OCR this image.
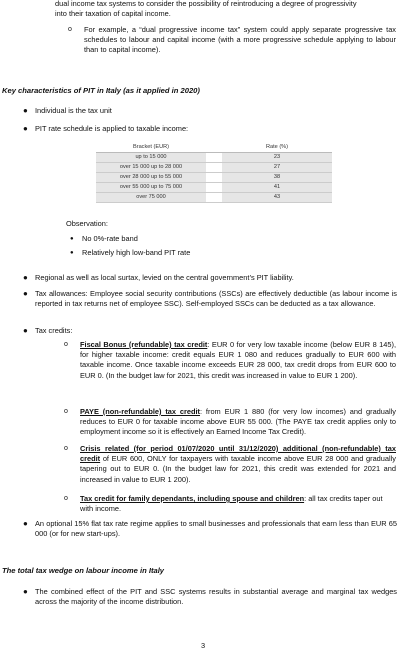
dual income tax systems to consider the possibility of reintroducing a degree of progressivity
into their taxation of capital income.
o For example, a “dual progressive income tax” system could apply separate progressive tax schedules to labour and capital income (with a more progressive schedule applying to labour than to capital income).
Key characteristics of PIT in Italy (as it applied in 2020)
● Individual is the tax unit
● PIT rate schedule is applied to taxable income:
Bracket (EUR)		Rate (%)
up to 15 000		23
over 15 000 up to 28 000		27
over 28 000 up to 55 000		38
over 55 000 up to 75 000		41
over 75 000		43
Observation:
● No 0%-rate band
● Relatively high low-band PIT rate
● Regional as well as local surtax, levied on the central government’s PIT liability.
● Tax allowances: Employee social security contributions (SSCs) are effectively deductible (as labour income is reported in tax returns net of employee SSC). Self-employed SSCs can be deducted as a tax allowance.
● Tax credits:
o Fiscal Bonus (refundable) tax credit: EUR 0 for very low taxable income (below EUR 8 145), for higher taxable income: credit equals EUR 1 080 and reduces gradually to EUR 600 with taxable income. Once taxable income exceeds EUR 28 000, tax credit drops from EUR 600 to EUR 0. (In the budget law for 2021, this credit was increased in value to EUR 1 200).
o PAYE (non-refundable) tax credit: from EUR 1 880 (for very low incomes) and gradually reduces to EUR 0 for taxable income above EUR 55 000. (The PAYE tax credit applies only to employment income so it is effectively an Earned Income Tax Credit).
o Crisis related (for period 01/07/2020 until 31/12/2020) additional (non-refundable) tax credit of EUR 600, ONLY for taxpayers with taxable income above EUR 28 000 and gradually tapering out to EUR 0. (In the budget law for 2021, this credit was extended for 2021 and increased in value to EUR 1 200).
o Tax credit for family dependants, including spouse and children: all tax credits taper out with income.
● An optional 15% flat tax rate regime applies to small businesses and professionals that earn less than EUR 65 000 (or for new start-ups).
The total tax wedge on labour income in Italy
● The combined effect of the PIT and SSC systems results in substantial average and marginal tax wedges across the majority of the income distribution.
3
